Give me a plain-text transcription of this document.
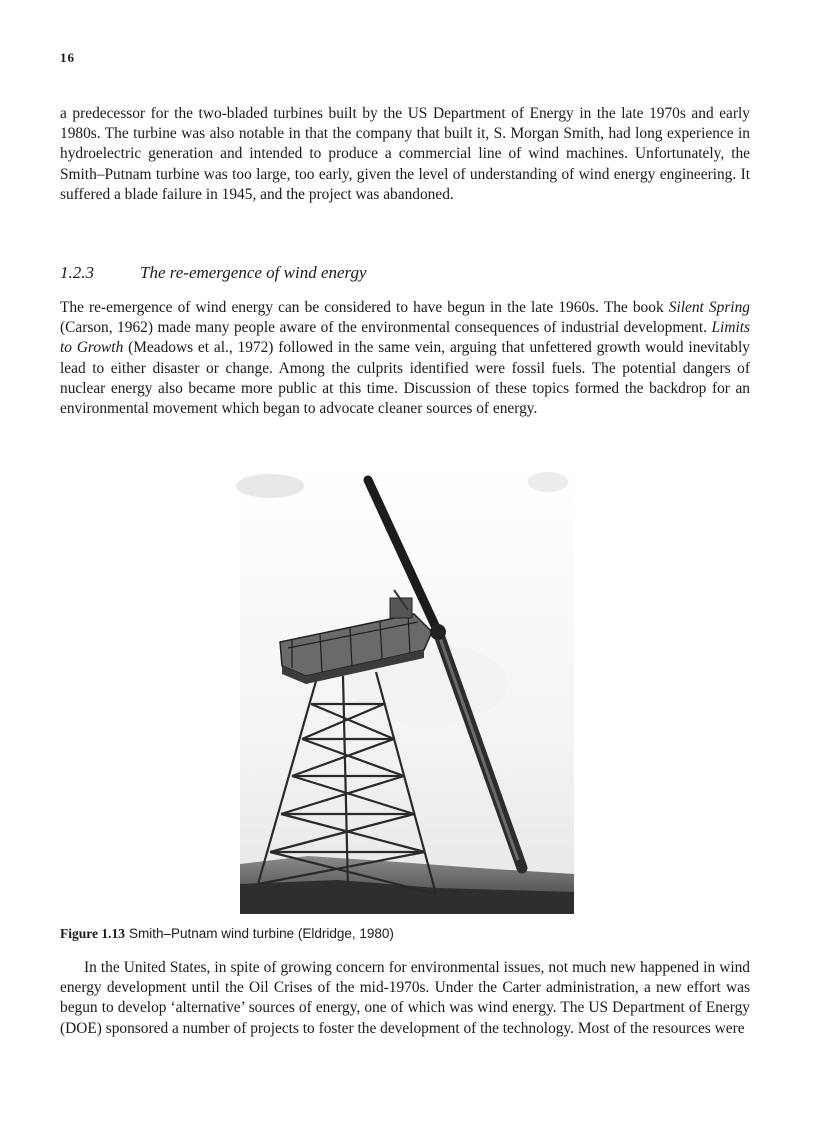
16

a predecessor for the two-bladed turbines built by the US Department of Energy in the late 1970s and early 1980s. The turbine was also notable in that the company that built it, S. Morgan Smith, had long experience in hydroelectric generation and intended to produce a commercial line of wind machines. Unfortunately, the Smith–Putnam turbine was too large, too early, given the level of understanding of wind energy engineering. It suffered a blade failure in 1945, and the project was abandoned.

1.2.3	The re-emergence of wind energy

The re-emergence of wind energy can be considered to have begun in the late 1960s. The book Silent Spring (Carson, 1962) made many people aware of the environmental consequences of industrial development. Limits to Growth (Meadows et al., 1972) followed in the same vein, arguing that unfettered growth would inevitably lead to either disaster or change. Among the culprits identified were fossil fuels. The potential dangers of nuclear energy also became more public at this time. Discussion of these topics formed the backdrop for an environmental movement which began to advocate cleaner sources of energy.

Figure 1.13 Smith–Putnam wind turbine (Eldridge, 1980)

In the United States, in spite of growing concern for environmental issues, not much new happened in wind energy development until the Oil Crises of the mid-1970s. Under the Carter administration, a new effort was begun to develop ‘alternative’ sources of energy, one of which was wind energy. The US Department of Energy (DOE) sponsored a number of projects to foster the development of the technology. Most of the resources were
